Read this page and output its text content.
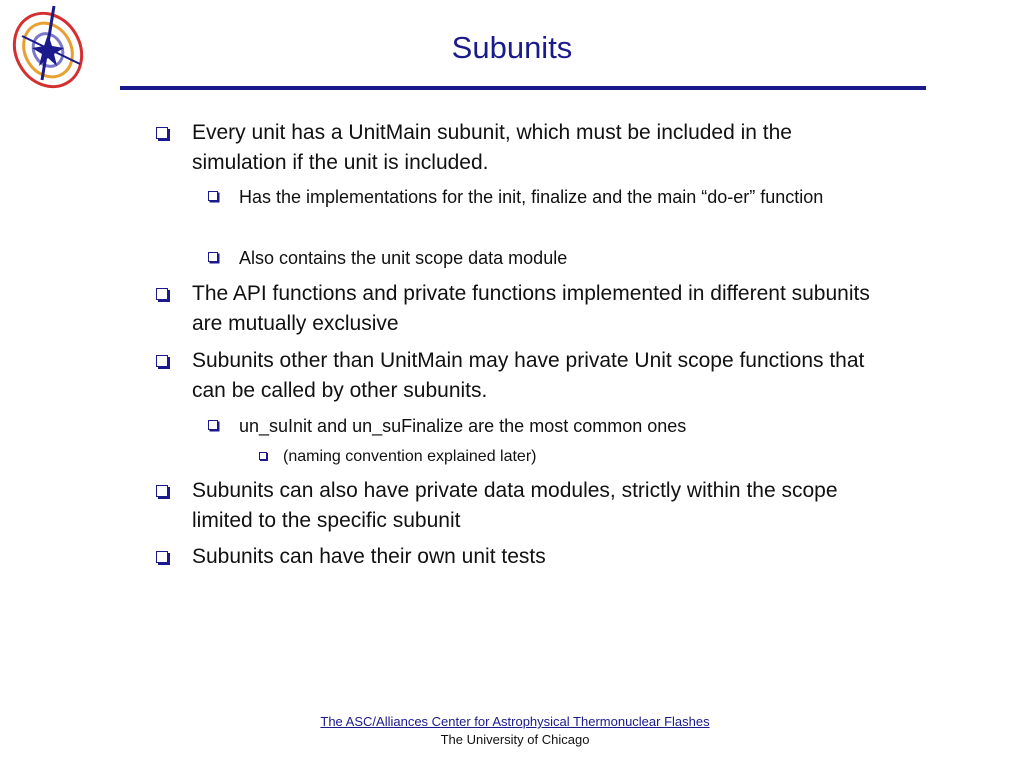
Subunits
Every unit has a UnitMain subunit, which must be included in the simulation if the unit is included.
Has the implementations for the init, finalize and the main “do-er” function
Also contains the unit scope data module
The API functions and private functions implemented in different subunits are mutually exclusive
Subunits other than UnitMain may have private Unit scope functions that can be called by other subunits.
un_suInit and un_suFinalize are the most common ones
(naming convention explained later)
Subunits can also have private data modules, strictly within the scope limited to the specific subunit
Subunits can have their own unit tests
The ASC/Alliances Center for Astrophysical Thermonuclear Flashes
The University of Chicago
